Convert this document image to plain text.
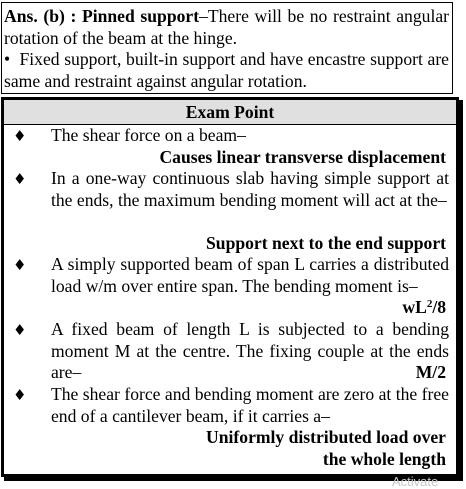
Ans. (b) : Pinned support–There will be no restraint angular rotation of the beam at the hinge.

• Fixed support, built-in support and have encastre support are same and restraint against angular rotation.

Exam Point
♦ The shear force on a beam–
Causes linear transverse displacement
♦ In a one-way continuous slab having simple support at the ends, the maximum bending moment will act at the–
Support next to the end support
♦ A simply supported beam of span L carries a distributed load w/m over entire span. The bending moment is–
$wL^2/8$
♦ A fixed beam of length L is subjected to a bending moment M at the centre. The fixing couple at the ends are–	M/2
♦ The shear force and bending moment are zero at the free end of a cantilever beam, if it carries a–
Uniformly distributed load over
the whole length
Activate
